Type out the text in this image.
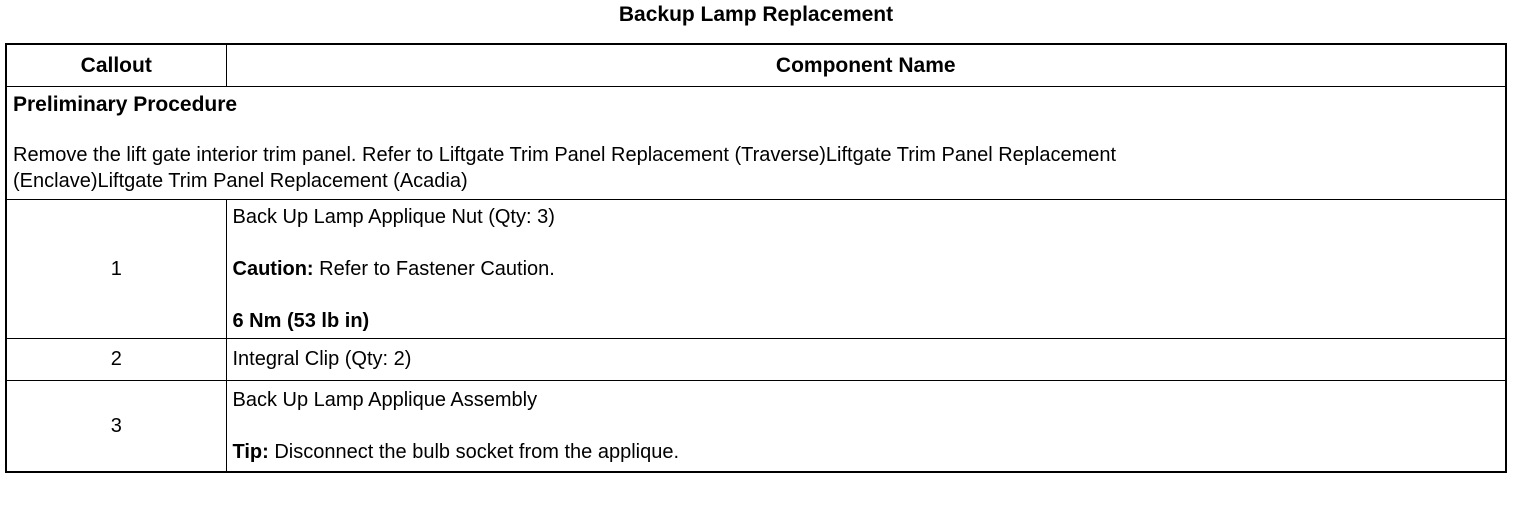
Backup Lamp Replacement
Callout	Component Name

Preliminary Procedure

Remove the lift gate interior trim panel. Refer to Liftgate Trim Panel Replacement (Traverse)Liftgate Trim Panel Replacement

(Enclave)Liftgate Trim Panel Replacement (Acadia)	

1	Back Up Lamp Applique Nut (Qty: 3)

Caution: Refer to Fastener Caution.

6 Nm (53 lb in)

2	Integral Clip (Qty: 2)
3	Back Up Lamp Applique Assembly

Tip: Disconnect the bulb socket from the applique.
